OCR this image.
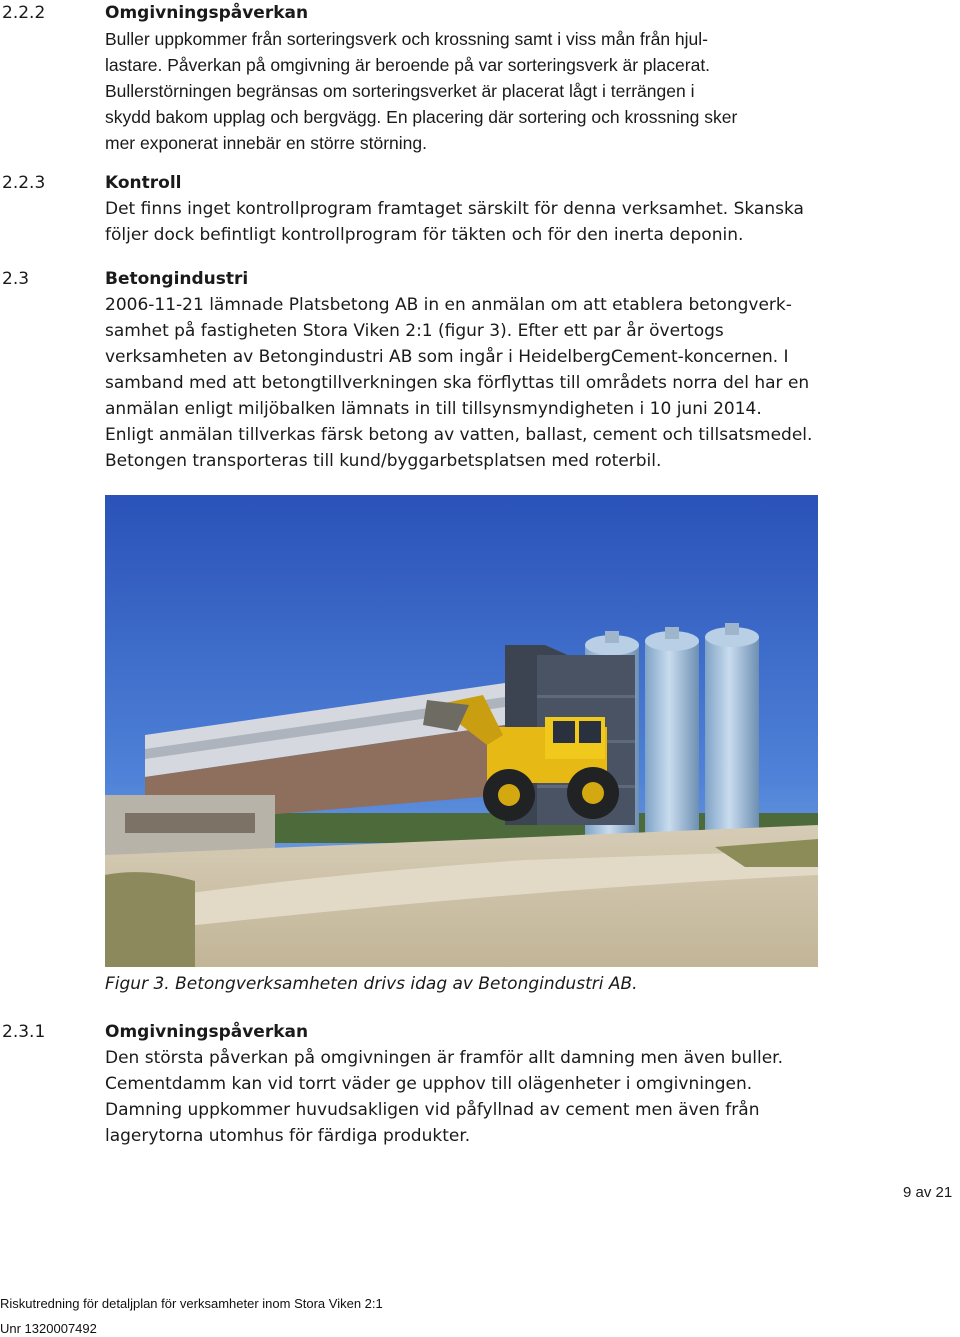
2.2.2	Omgivningspåverkan

Buller uppkommer från sorteringsverk och krossning samt i viss mån från hjul-

lastare. Påverkan på omgivning är beroende på var sorteringsverk är placerat.

Bullerstörningen begränsas om sorteringsverket är placerat lågt i terrängen i

skydd bakom upplag och bergvägg. En placering där sortering och krossning sker

mer exponerat innebär en större störning.

2.2.3	Kontroll

Det finns inget kontrollprogram framtaget särskilt för denna verksamhet. Skanska

följer dock befintligt kontrollprogram för täkten och för den inerta deponin.

2.3	Betongindustri

2006-11-21 lämnade Platsbetong AB in en anmälan om att etablera betongverk-

samhet på fastigheten Stora Viken 2:1 (figur 3). Efter ett par år övertogs

verksamheten av Betongindustri AB som ingår i HeidelbergCement-koncernen. I

samband med att betongtillverkningen ska förflyttas till områdets norra del har en

anmälan enligt miljöbalken lämnats in till tillsynsmyndigheten i 10 juni 2014.

Enligt anmälan tillverkas färsk betong av vatten, ballast, cement och tillsatsmedel.

Betongen transporteras till kund/byggarbetsplatsen med roterbil.

Figur 3. Betongverksamheten drivs idag av Betongindustri AB.
2.3.1	Omgivningspåverkan

Den största påverkan på omgivningen är framför allt damning men även buller.

Cementdamm kan vid torrt väder ge upphov till olägenheter i omgivningen.

Damning uppkommer huvudsakligen vid påfyllnad av cement men även från

lagerytorna utomhus för färdiga produkter.

9 av 21
Riskutredning för detaljplan för verksamheter inom Stora Viken 2:1
Unr 1320007492
